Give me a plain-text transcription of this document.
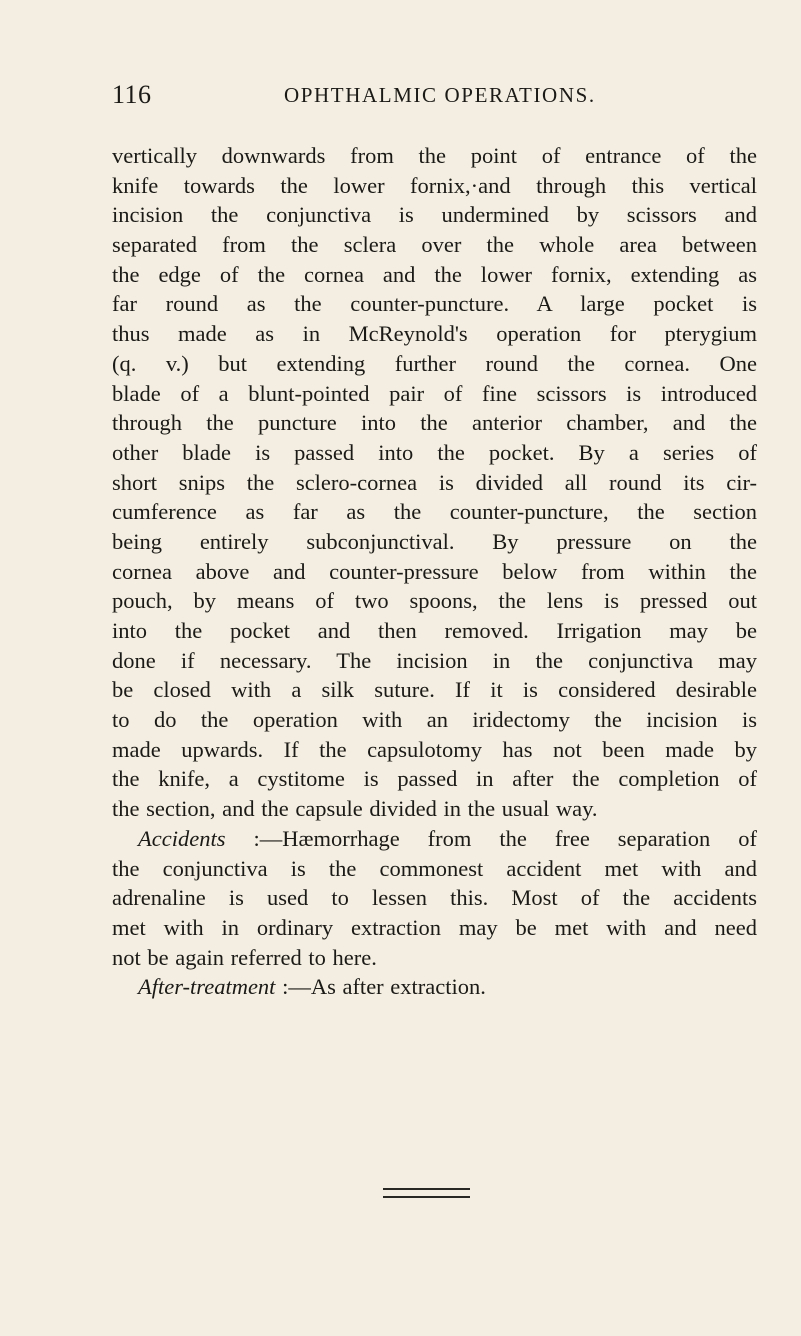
116	OPHTHALMIC OPERATIONS.
vertically downwards from the point of entrance of the
knife towards the lower fornix,·and through this vertical
incision the conjunctiva is undermined by scissors and
separated from the sclera over the whole area between
the edge of the cornea and the lower fornix, extending as
far round as the counter-puncture. A large pocket is
thus made as in McReynold's operation for pterygium
(q. v.) but extending further round the cornea. One
blade of a blunt-pointed pair of fine scissors is introduced
through the puncture into the anterior chamber, and the
other blade is passed into the pocket. By a series of
short snips the sclero-cornea is divided all round its cir-
cumference as far as the counter-puncture, the section
being entirely subconjunctival. By pressure on the
cornea above and counter-pressure below from within the
pouch, by means of two spoons, the lens is pressed out
into the pocket and then removed. Irrigation may be
done if necessary. The incision in the conjunctiva may
be closed with a silk suture. If it is considered desirable
to do the operation with an iridectomy the incision is
made upwards. If the capsulotomy has not been made by
the knife, a cystitome is passed in after the completion of
the section, and the capsule divided in the usual way.
Accidents :—Hæmorrhage from the free separation of
the conjunctiva is the commonest accident met with and
adrenaline is used to lessen this. Most of the accidents
met with in ordinary extraction may be met with and need
not be again referred to here.
After-treatment :—As after extraction.
